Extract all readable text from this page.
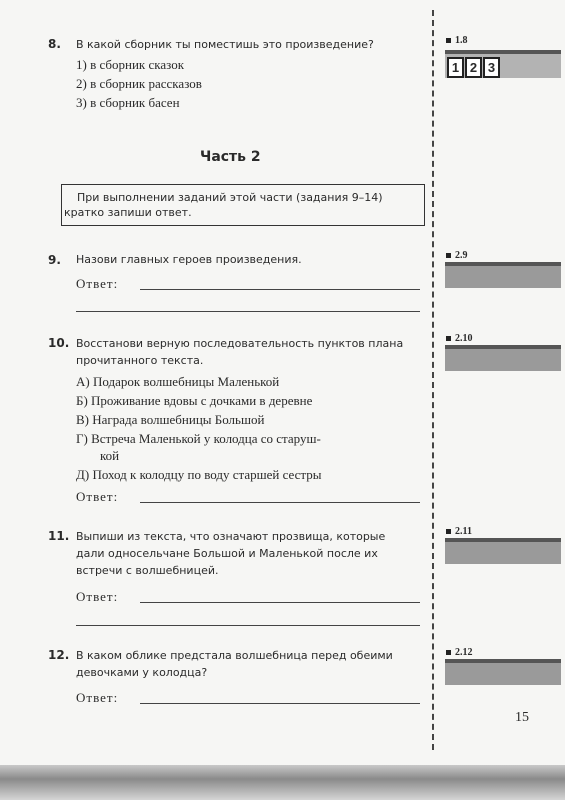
8. В какой сборник ты поместишь это произведение?
1) в сборник сказок
2) в сборник рассказов
3) в сборник басен
Часть 2
При выполнении заданий этой части (задания 9–14)
кратко запиши ответ.
9. Назови главных героев произведения.
Ответ:
10. Восстанови верную последовательность пунктов плана
прочитанного текста.
А) Подарок волшебницы Маленькой
Б) Проживание вдовы с дочками в деревне
В) Награда волшебницы Большой
Г) Встреча Маленькой у колодца со старуш-
кой
Д) Поход к колодцу по воду старшей сестры
Ответ:
11. Выпиши из текста, что означают прозвища, которые
дали односельчане Большой и Маленькой после их
встречи с волшебницей.
Ответ:
12. В каком облике предстала волшебница перед обеими
девочками у колодца?
Ответ:
1.8
1 2 3
2.9
2.10
2.11
2.12
15
